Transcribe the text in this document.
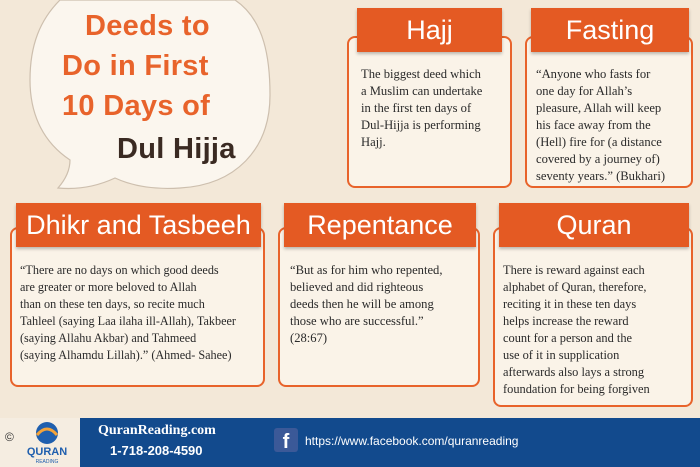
Deeds to
Do in First
10 Days of
Dul Hijja
Hajj
The biggest deed which
a Muslim can undertake
in the first ten days of
Dul-Hijja is performing
Hajj.
Fasting
“Anyone who fasts for
one day for Allah’s
pleasure, Allah will keep
his face away from the
(Hell) fire for (a distance
covered by a journey of)
seventy years.” (Bukhari)
Dhikr and Tasbeeh
“There are no days on which good deeds
are greater or more beloved to Allah
than on these ten days, so recite much
Tahleel (saying Laa ilaha ill-Allah), Takbeer
(saying Allahu Akbar) and Tahmeed
(saying Alhamdu Lillah).” (Ahmed- Sahee)
Repentance
“But as for him who repented,
believed and did righteous
deeds then he will be among
those who are successful.”
(28:67)
Quran
There is reward against each
alphabet of Quran, therefore,
reciting it in these ten days
helps increase the reward
count for a person and the
use of it in supplication
afterwards also lays a strong
foundation for being forgiven
©
QURAN
READING
QuranReading.com
1-718-208-4590	f	https://www.facebook.com/quranreading
